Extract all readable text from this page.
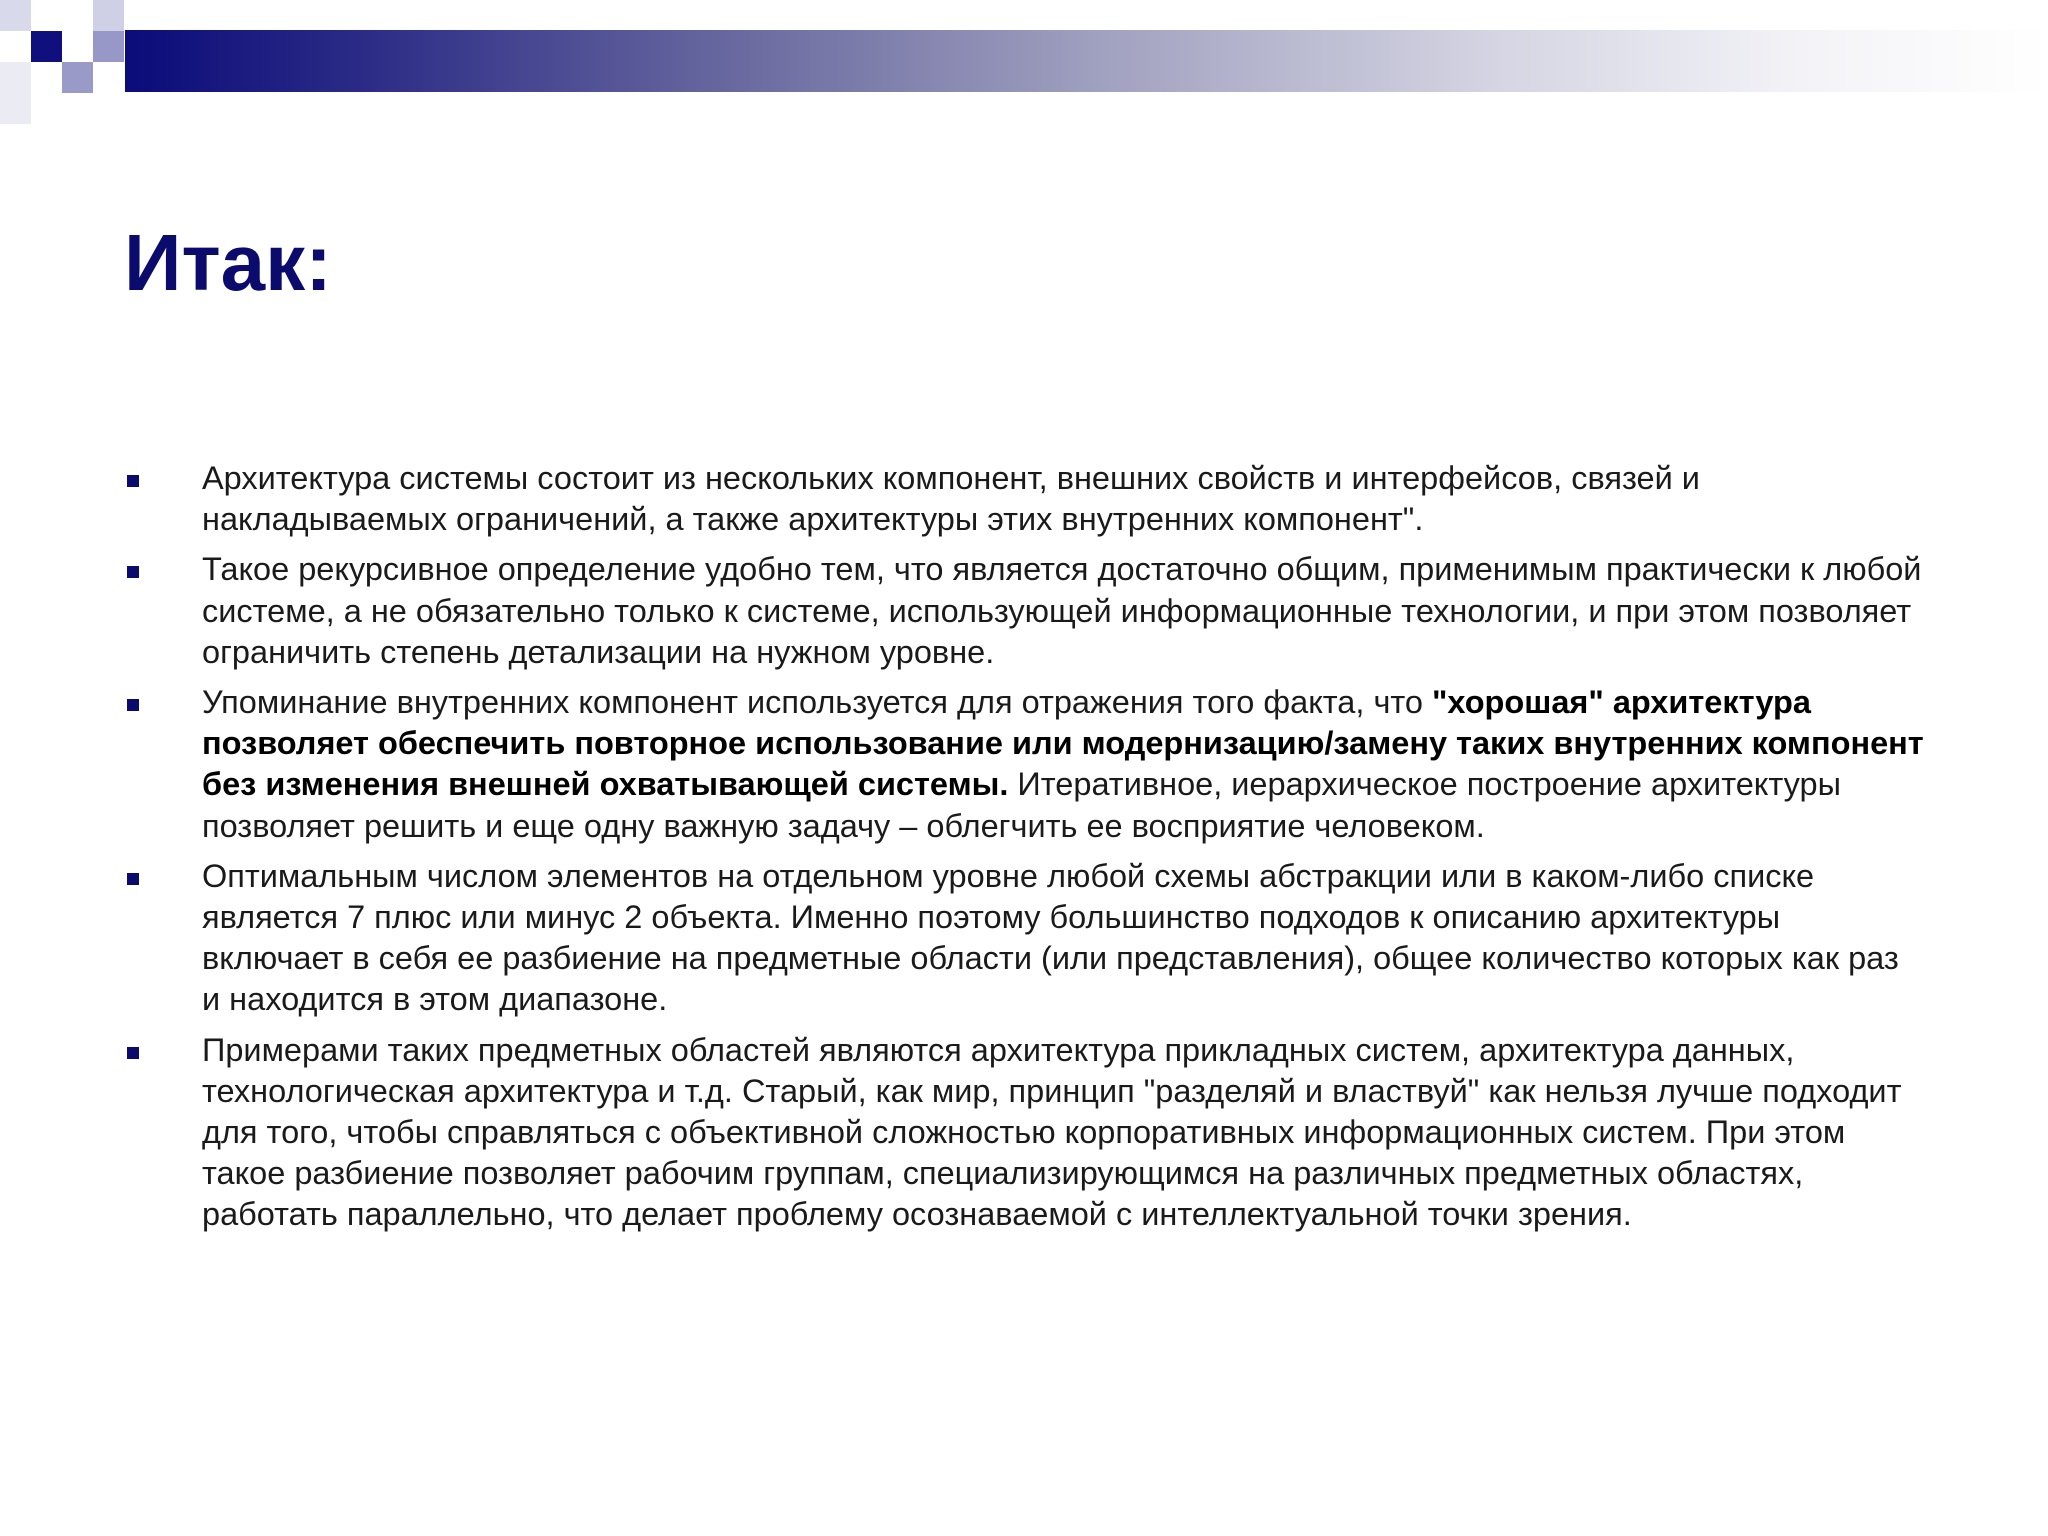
Итак:
Архитектура системы состоит из нескольких компонент, внешних свойств и интерфейсов, связей и накладываемых ограничений, а также архитектуры этих внутренних компонент".
Такое рекурсивное определение удобно тем, что является достаточно общим, применимым практически к любой системе, а не обязательно только к системе, использующей информационные технологии, и при этом позволяет ограничить степень детализации на нужном уровне.
Упоминание внутренних компонент используется для отражения того факта, что "хорошая" архитектура позволяет обеспечить повторное использование или модернизацию/замену таких внутренних компонент без изменения внешней охватывающей системы. Итеративное, иерархическое построение архитектуры позволяет решить и еще одну важную задачу – облегчить ее восприятие человеком.
Оптимальным числом элементов на отдельном уровне любой схемы абстракции или в каком-либо списке является 7 плюс или минус 2 объекта. Именно поэтому большинство подходов к описанию архитектуры включает в себя ее разбиение на предметные области (или представления), общее количество которых как раз и находится в этом диапазоне.
Примерами таких предметных областей являются архитектура прикладных систем, архитектура данных, технологическая архитектура и т.д. Старый, как мир, принцип "разделяй и властвуй" как нельзя лучше подходит для того, чтобы справляться с объективной сложностью корпоративных информационных систем. При этом такое разбиение позволяет рабочим группам, специализирующимся на различных предметных областях, работать параллельно, что делает проблему осознаваемой с интеллектуальной точки зрения.
